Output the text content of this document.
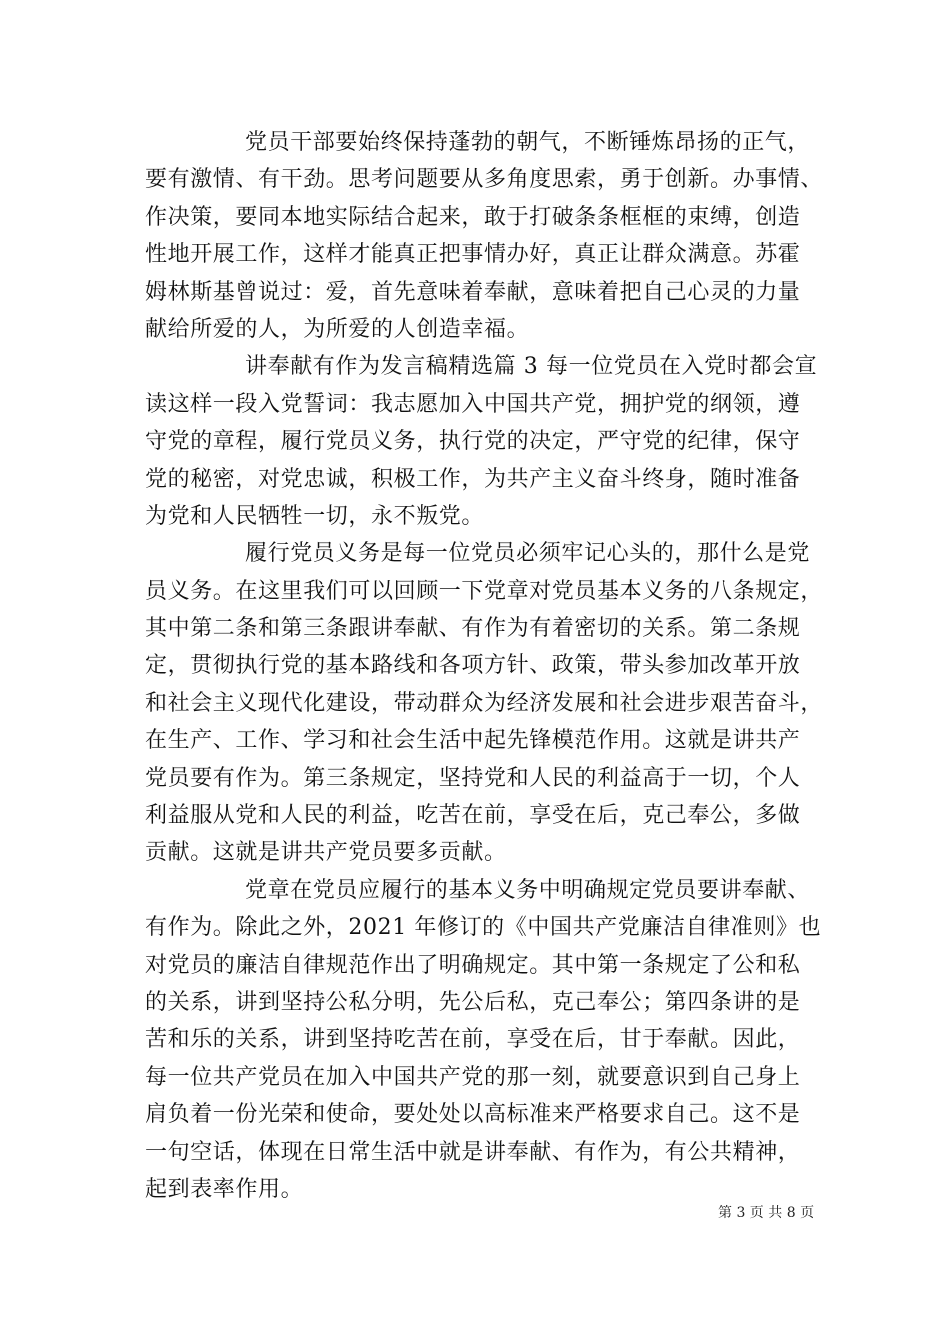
党员干部要始终保持蓬勃的朝气，不断锤炼昂扬的正气，
要有激情、有干劲。思考问题要从多角度思索，勇于创新。办事情、
作决策，要同本地实际结合起来，敢于打破条条框框的束缚，创造
性地开展工作，这样才能真正把事情办好，真正让群众满意。苏霍
姆林斯基曾说过：爱，首先意味着奉献，意味着把自己心灵的力量
献给所爱的人，为所爱的人创造幸福。
讲奉献有作为发言稿精选篇 3 每一位党员在入党时都会宣
读这样一段入党誓词：我志愿加入中国共产党，拥护党的纲领，遵
守党的章程，履行党员义务，执行党的决定，严守党的纪律，保守
党的秘密，对党忠诚，积极工作，为共产主义奋斗终身，随时准备
为党和人民牺牲一切，永不叛党。
履行党员义务是每一位党员必须牢记心头的，那什么是党
员义务。在这里我们可以回顾一下党章对党员基本义务的八条规定，
其中第二条和第三条跟讲奉献、有作为有着密切的关系。第二条规
定，贯彻执行党的基本路线和各项方针、政策，带头参加改革开放
和社会主义现代化建设，带动群众为经济发展和社会进步艰苦奋斗，
在生产、工作、学习和社会生活中起先锋模范作用。这就是讲共产
党员要有作为。第三条规定，坚持党和人民的利益高于一切，个人
利益服从党和人民的利益，吃苦在前，享受在后，克己奉公，多做
贡献。这就是讲共产党员要多贡献。
党章在党员应履行的基本义务中明确规定党员要讲奉献、
有作为。除此之外，2021 年修订的《中国共产党廉洁自律准则》也
对党员的廉洁自律规范作出了明确规定。其中第一条规定了公和私
的关系，讲到坚持公私分明，先公后私，克己奉公；第四条讲的是
苦和乐的关系，讲到坚持吃苦在前，享受在后，甘于奉献。因此，
每一位共产党员在加入中国共产党的那一刻，就要意识到自己身上
肩负着一份光荣和使命，要处处以高标准来严格要求自己。这不是
一句空话，体现在日常生活中就是讲奉献、有作为，有公共精神，
起到表率作用。
第 3 页 共 8 页
